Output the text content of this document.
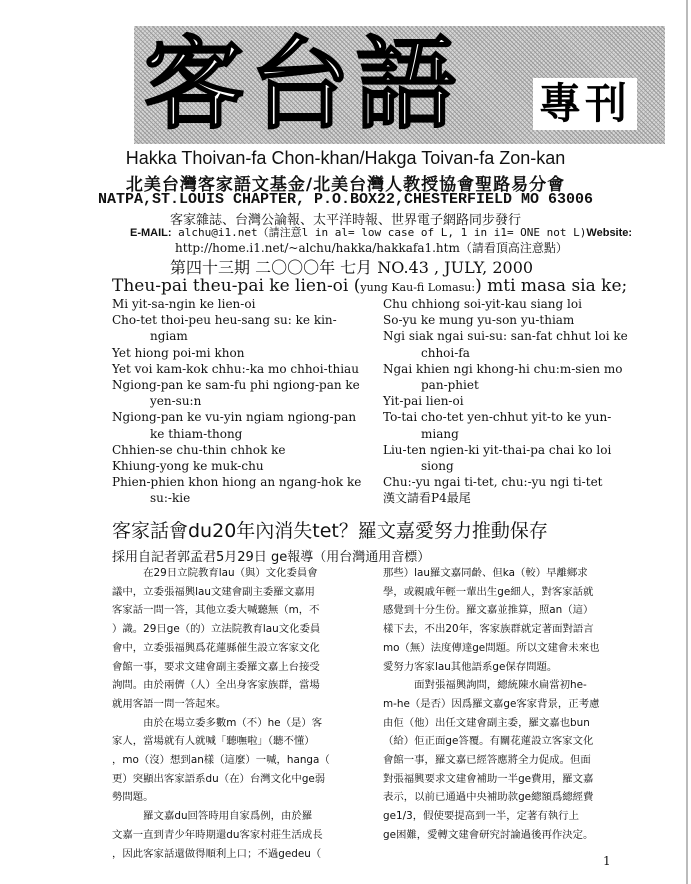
客台語 專刊
Hakka Thoivan-fa Chon-khan/Hakga Toivan-fa Zon-kan
北美台灣客家語文基金/北美台灣人教授協會聖路易分會
NATPA,ST.LOUIS CHAPTER, P.O.BOX22,CHESTERFIELD MO 63006
客家雜誌、台灣公論報、太平洋時報、世界電子網路同步發行
E-MAIL: alchu@i1.net（請注意l in al= low case of L, 1 in i1= ONE not L)Website:
http://home.i1.net/~alchu/hakka/hakkafa1.htm（請看頂高注意點）
第四十三期 二〇〇〇年 七月 NO.43 , JULY, 2000
Theu-pai theu-pai ke lien-oi (yung Kau-fi Lomasu:) mti masa sia ke;
Mi yit-sa-ngin ke lien-oi
Cho-tet thoi-peu heu-sang su: ke kin-
ngiam
Yet hiong poi-mi khon
Yet voi kam-kok chhu:-ka mo chhoi-thiau
Ngiong-pan ke sam-fu phi ngiong-pan ke
yen-su:n
Ngiong-pan ke vu-yin ngiam ngiong-pan
ke thiam-thong
Chhien-se chu-thin chhok ke
Khiung-yong ke muk-chu
Phien-phien khon hiong an ngang-hok ke
su:-kie
Chu chhiong soi-yit-kau siang loi
So-yu ke mung yu-son yu-thiam
Ngi siak ngai sui-su: san-fat chhut loi ke
chhoi-fa
Ngai khien ngi khong-hi chu:m-sien mo
pan-phiet
Yit-pai lien-oi
To-tai cho-tet yen-chhut yit-to ke yun-
miang
Liu-ten ngien-ki yit-thai-pa chai ko loi
siong
Chu:-yu ngai ti-tet, chu:-yu ngi ti-tet
漢文請看P4最尾
客家話會du20年內消失tet？羅文嘉愛努力推動保存
採用自記者郭孟君5月29日 ge報導（用台灣通用音標）
　　　在29日立院教育lau（與）文化委員會
議中，立委張福興lau文建會副主委羅文嘉用
客家話一問一答，其他立委大喊聽無（m，不
）識。29日ge（的）立法院教育lau文化委員
會中，立委張福興爲花蓮縣催生設立客家文化
會館一事，要求文建會副主委羅文嘉上台接受
詢問。由於兩儕（人）全出身客家族群，當場
就用客語一問一答起來。
　　　由於在場立委多數m（不）he（是）客
家人，當場就有人就喊「聽嘸啦」（聽不懂）
，mo（沒）想到an樣（這麼）一喊，hanga（
更）突顯出客家語系du（在）台灣文化中ge弱
勢問題。
　　　羅文嘉du回答時用自家爲例，由於羅
文嘉一直到青少年時期還du客家村莊生活成長
，因此客家話還做得順利上口；不過gedeu（
那些）lau羅文嘉同齡、但ka（較）早離鄉求
學，或親戚年輕一輩出生ge細人，對客家話就
感覺到十分生份。羅文嘉並推算，照an（這）
樣下去，不出20年，客家族群就定著面對語言
mo（無）法度傳達ge問題。所以文建會未來也
愛努力客家lau其他語系ge保存問題。
　　　面對張福興詢問，總統陳水扁當初he-
m-he（是否）因爲羅文嘉ge客家背景，正考慮
由佢（他）出任文建會副主委，羅文嘉也bun
（給）佢正面ge答覆。有關花蓮設立客家文化
會館一事，羅文嘉已經答應將全力促成。但面
對張福興要求文建會補助一半ge費用，羅文嘉
表示，以前已通過中央補助款ge總額爲總經費
ge1/3，假使要提高到一半，定著有執行上
ge困難，愛轉文建會研究討論過後再作決定。
1
